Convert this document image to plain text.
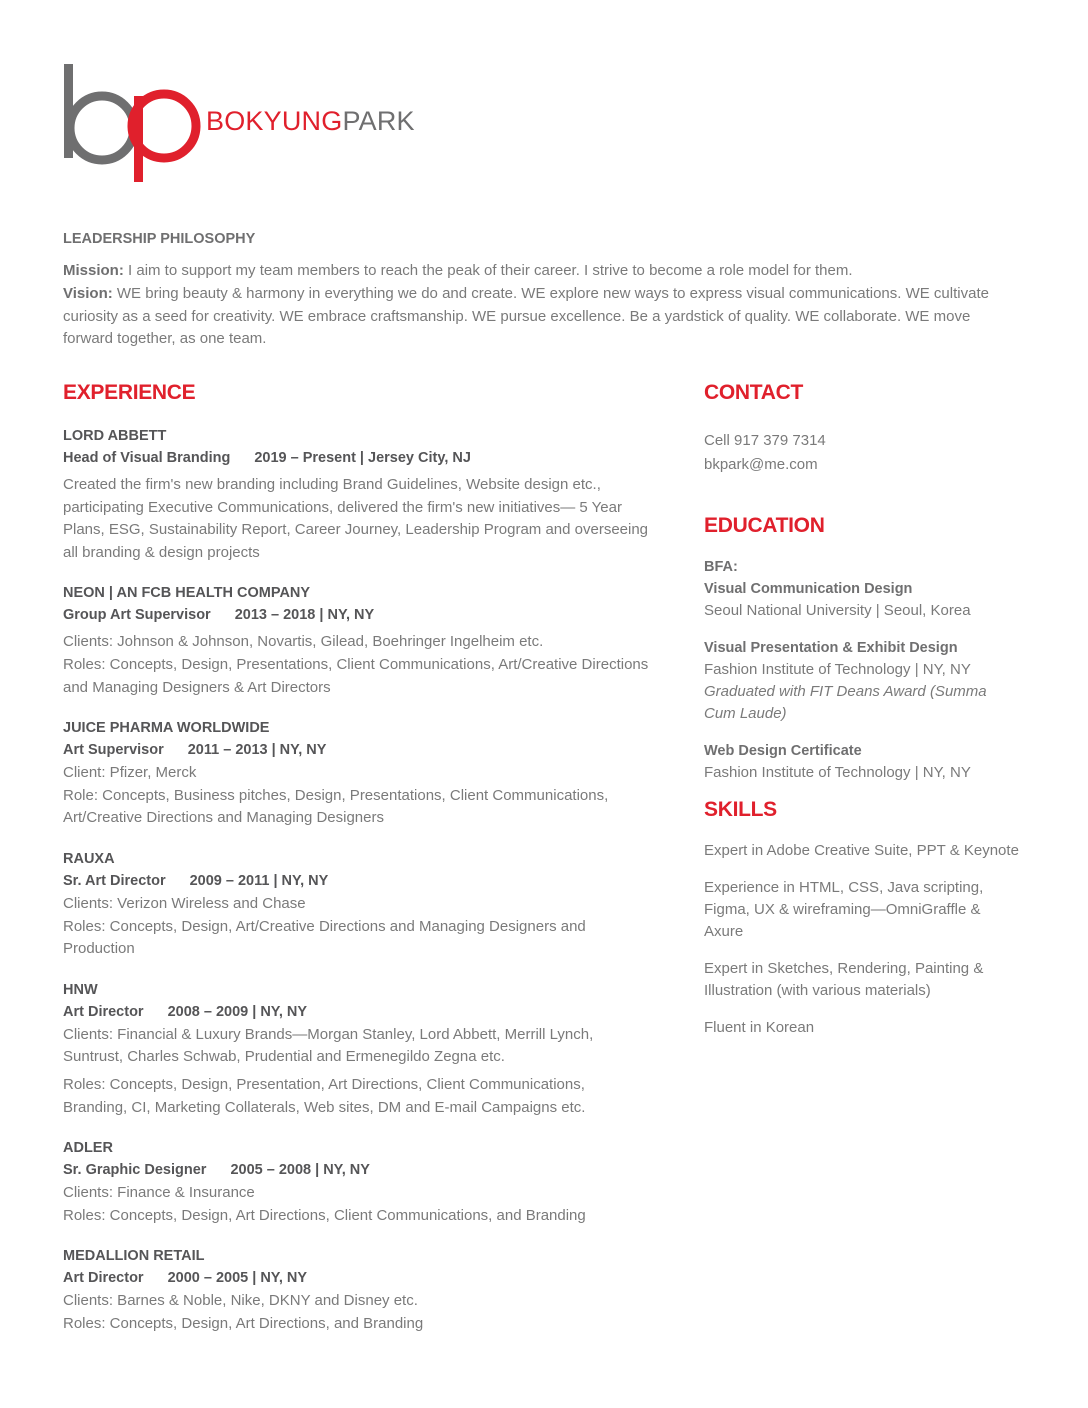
BOKYUNGPARK
LEADERSHIP PHILOSOPHY

Mission: I aim to support my team members to reach the peak of their career. I strive to become a role model for them.

Vision: WE bring beauty & harmony in everything we do and create. WE explore new ways to express visual communications. WE cultivate curiosity as a seed for creativity. WE embrace craftsmanship. WE pursue excellence. Be a yardstick of quality. WE collaborate. WE move forward together, as one team.

EXPERIENCE
LORD ABBETT
Head of Visual Branding 2019 – Present | Jersey City, NJ
Created the firm's new branding including Brand Guidelines, Website design etc., participating Executive Communications, delivered the firm's new initiatives— 5 Year Plans, ESG, Sustainability Report, Career Journey, Leadership Program and overseeing all branding & design projects
NEON | AN FCB HEALTH COMPANY
Group Art Supervisor 2013 – 2018 | NY, NY
Clients: Johnson & Johnson, Novartis, Gilead, Boehringer Ingelheim etc.
Roles: Concepts, Design, Presentations, Client Communications, Art/Creative Directions and Managing Designers & Art Directors
JUICE PHARMA WORLDWIDE
Art Supervisor 2011 – 2013 | NY, NY
Client: Pfizer, Merck
Role: Concepts, Business pitches, Design, Presentations, Client Communications, Art/Creative Directions and Managing Designers
RAUXA
Sr. Art Director 2009 – 2011 | NY, NY
Clients: Verizon Wireless and Chase
Roles: Concepts, Design, Art/Creative Directions and Managing Designers and Production
HNW
Art Director 2008 – 2009 | NY, NY
Clients: Financial & Luxury Brands—Morgan Stanley, Lord Abbett, Merrill Lynch, Suntrust, Charles Schwab, Prudential and Ermenegildo Zegna etc.
Roles: Concepts, Design, Presentation, Art Directions, Client Communications, Branding, CI, Marketing Collaterals, Web sites, DM and E-mail Campaigns etc.
ADLER
Sr. Graphic Designer 2005 – 2008 | NY, NY
Clients: Finance & Insurance
Roles: Concepts, Design, Art Directions, Client Communications, and Branding
MEDALLION RETAIL
Art Director 2000 – 2005 | NY, NY
Clients: Barnes & Noble, Nike, DKNY and Disney etc.
Roles: Concepts, Design, Art Directions, and Branding
CONTACT
Cell 917 379 7314
bkpark@me.com
EDUCATION
BFA:
Visual Communication Design
Seoul National University | Seoul, Korea
Visual Presentation & Exhibit Design
Fashion Institute of Technology | NY, NY
Graduated with FIT Deans Award (Summa Cum Laude)
Web Design Certificate
Fashion Institute of Technology | NY, NY
SKILLS
Expert in Adobe Creative Suite, PPT & Keynote
Experience in HTML, CSS, Java scripting, Figma, UX & wireframing—OmniGraffle & Axure
Expert in Sketches, Rendering, Painting & Illustration (with various materials)
Fluent in Korean
